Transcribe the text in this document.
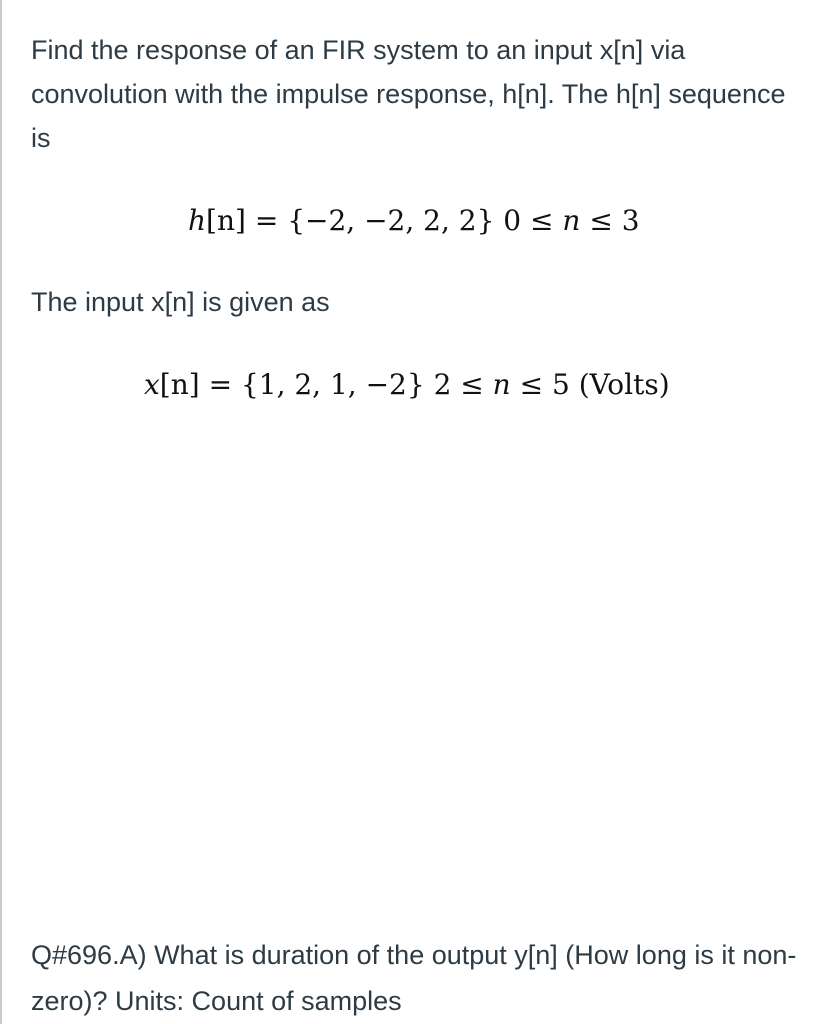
Find the response of an FIR system to an input x[n] via convolution with the impulse response, h[n]. The h[n] sequence is

h[n] = {−2, −2, 2, 2} 0 ≤ n ≤ 3

The input x[n] is given as

x[n] = {1, 2, 1, −2} 2 ≤ n ≤ 5 (Volts)

Q#696.A) What is duration of the output y[n] (How long is it non-zero)? Units: Count of samples
